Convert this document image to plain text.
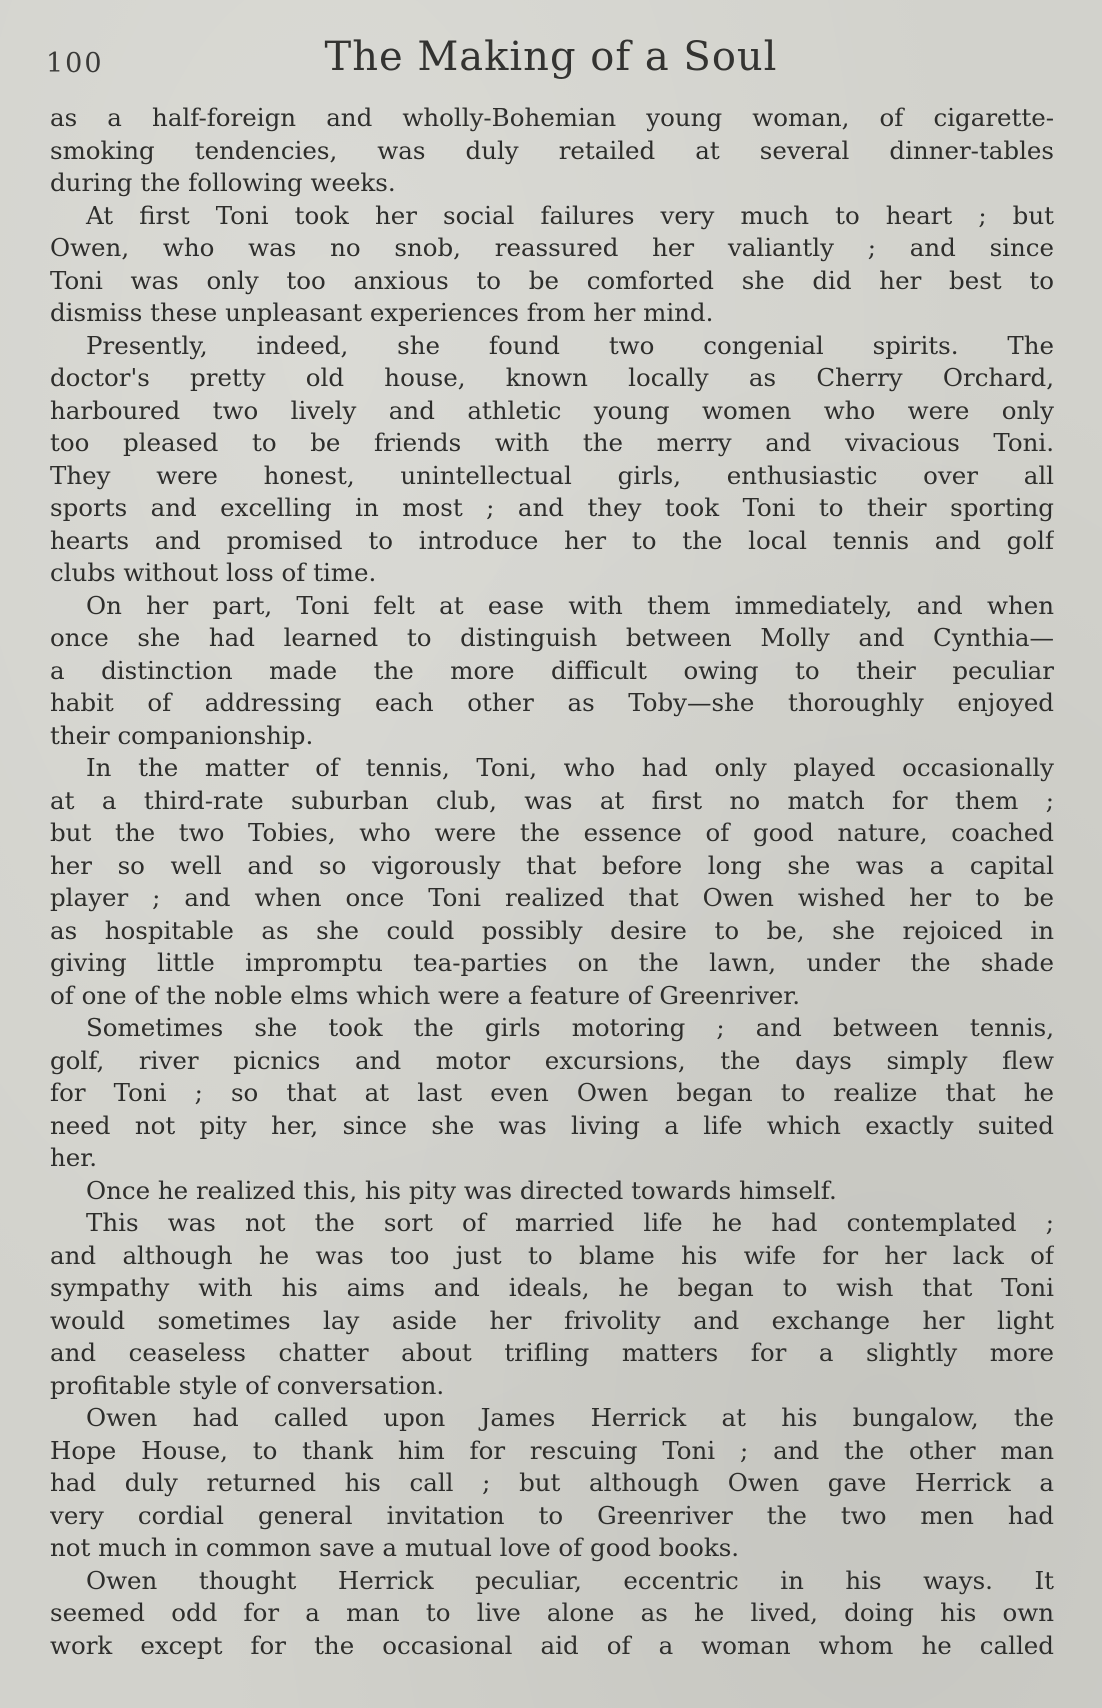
100	The Making of a Soul
as a half-foreign and wholly-Bohemian young woman, of cigarette-
smoking tendencies, was duly retailed at several dinner-tables
during the following weeks.
At first Toni took her social failures very much to heart ; but
Owen, who was no snob, reassured her valiantly ; and since
Toni was only too anxious to be comforted she did her best to
dismiss these unpleasant experiences from her mind.
Presently, indeed, she found two congenial spirits. The
doctor's pretty old house, known locally as Cherry Orchard,
harboured two lively and athletic young women who were only
too pleased to be friends with the merry and vivacious Toni.
They were honest, unintellectual girls, enthusiastic over all
sports and excelling in most ; and they took Toni to their sporting
hearts and promised to introduce her to the local tennis and golf
clubs without loss of time.
On her part, Toni felt at ease with them immediately, and when
once she had learned to distinguish between Molly and Cynthia—
a distinction made the more difficult owing to their peculiar
habit of addressing each other as Toby—she thoroughly enjoyed
their companionship.
In the matter of tennis, Toni, who had only played occasionally
at a third-rate suburban club, was at first no match for them ;
but the two Tobies, who were the essence of good nature, coached
her so well and so vigorously that before long she was a capital
player ; and when once Toni realized that Owen wished her to be
as hospitable as she could possibly desire to be, she rejoiced in
giving little impromptu tea-parties on the lawn, under the shade
of one of the noble elms which were a feature of Greenriver.
Sometimes she took the girls motoring ; and between tennis,
golf, river picnics and motor excursions, the days simply flew
for Toni ; so that at last even Owen began to realize that he
need not pity her, since she was living a life which exactly suited
her.
Once he realized this, his pity was directed towards himself.
This was not the sort of married life he had contemplated ;
and although he was too just to blame his wife for her lack of
sympathy with his aims and ideals, he began to wish that Toni
would sometimes lay aside her frivolity and exchange her light
and ceaseless chatter about trifling matters for a slightly more
profitable style of conversation.
Owen had called upon James Herrick at his bungalow, the
Hope House, to thank him for rescuing Toni ; and the other man
had duly returned his call ; but although Owen gave Herrick a
very cordial general invitation to Greenriver the two men had
not much in common save a mutual love of good books.
Owen thought Herrick peculiar, eccentric in his ways. It
seemed odd for a man to live alone as he lived, doing his own
work except for the occasional aid of a woman whom he called
